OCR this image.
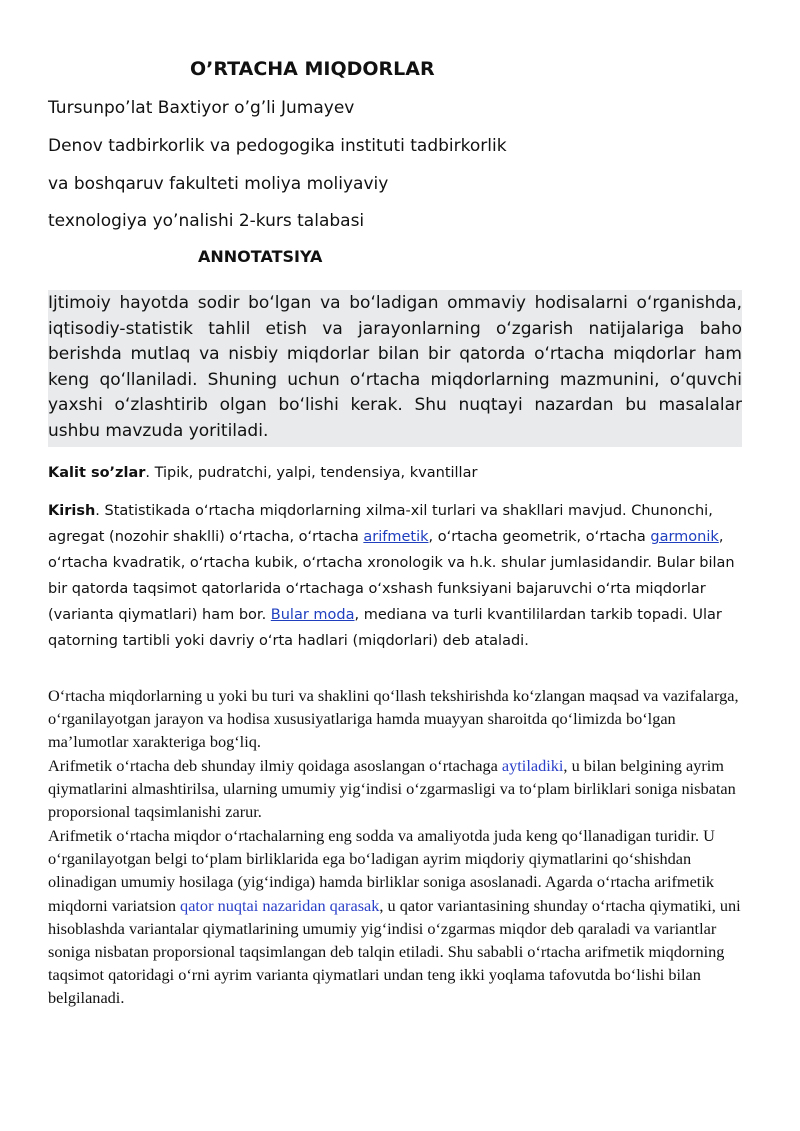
O’RTACHA MIQDORLAR

Tursunpo’lat Baxtiyor o’g’li Jumayev

Denov tadbirkorlik va pedogogika instituti tadbirkorlik

va boshqaruv fakulteti moliya moliyaviy

texnologiya yo’nalishi 2-kurs talabasi

ANNOTATSIYA

Ijtimoiy hayotda sodir boʻlgan va boʻladigan ommaviy hodisalarni oʻrganishda, iqtisodiy-statistik tahlil etish va jarayonlarning oʻzgarish natijalariga baho berishda mutlaq va nisbiy miqdorlar bilan bir qatorda oʻrtacha miqdorlar ham keng qoʻllaniladi. Shuning uchun oʻrtacha miqdorlarning mazmunini, oʻquvchi yaxshi oʻzlashtirib olgan boʻlishi kerak. Shu nuqtayi nazardan bu masalalar ushbu mavzuda yoritiladi.

Kalit so’zlar. Tipik, pudratchi, yalpi, tendensiya, kvantillar

Kirish. Statistikada oʻrtacha miqdorlarning xilma-xil turlari va shakllari mavjud. Chunonchi, agregat (nozohir shaklli) oʻrtacha, oʻrtacha arifmetik, oʻrtacha geometrik, oʻrtacha garmonik, oʻrtacha kvadratik, oʻrtacha kubik, oʻrtacha xronologik va h.k. shular jumlasidandir. Bular bilan bir qatorda taqsimot qatorlarida oʻrtachaga oʻxshash funksiyani bajaruvchi oʻrta miqdorlar (varianta qiymatlari) ham bor. Bular moda, mediana va turli kvantililardan tarkib topadi. Ular qatorning tartibli yoki davriy oʻrta hadlari (miqdorlari) deb ataladi.

Oʻrtacha miqdorlarning u yoki bu turi va shaklini qoʻllash tekshirishda koʻzlangan maqsad va vazifalarga, oʻrganilayotgan jarayon va hodisa xususiyatlariga hamda muayyan sharoitda qoʻlimizda boʻlgan maʼlumotlar xarakteriga bogʻliq.

Arifmetik oʻrtacha deb shunday ilmiy qoidaga asoslangan oʻrtachaga aytiladiki, u bilan belgining ayrim qiymatlarini almashtirilsa, ularning umumiy yigʻindisi oʻzgarmasligi va toʻplam birliklari soniga nisbatan proporsional taqsimlanishi zarur.

Arifmetik oʻrtacha miqdor oʻrtachalarning eng sodda va amaliyotda juda keng qoʻllanadigan turidir. U oʻrganilayotgan belgi toʻplam birliklarida ega boʻladigan ayrim miqdoriy qiymatlarini qoʻshishdan olinadigan umumiy hosilaga (yigʻindiga) hamda birliklar soniga asoslanadi. Agarda oʻrtacha arifmetik miqdorni variatsion qator nuqtai nazaridan qarasak, u qator variantasining shunday oʻrtacha qiymatiki, uni hisoblashda variantalar qiymatlarining umumiy yigʻindisi oʻzgarmas miqdor deb qaraladi va variantlar soniga nisbatan proporsional taqsimlangan deb talqin etiladi. Shu sababli oʻrtacha arifmetik miqdorning taqsimot qatoridagi oʻrni ayrim varianta qiymatlari undan teng ikki yoqlama tafovutda boʻlishi bilan belgilanadi.
